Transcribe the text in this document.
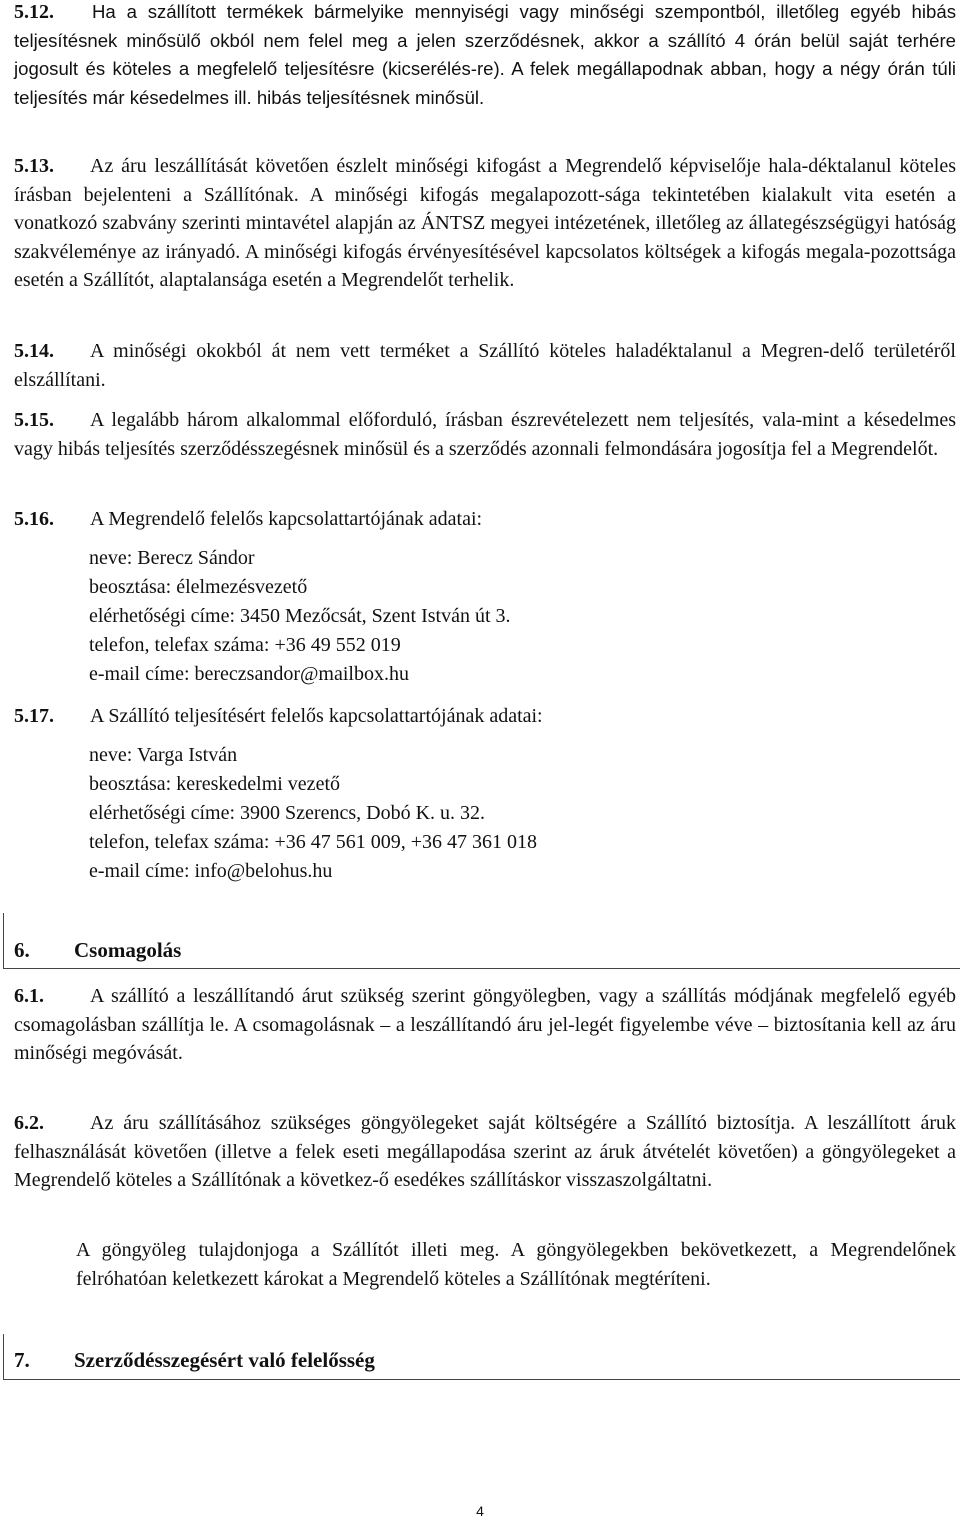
5.12. Ha a szállított termékek bármelyike mennyiségi vagy minőségi szempontból, illetőleg egyéb hibás teljesítésnek minősülő okból nem felel meg a jelen szerződésnek, akkor a szállító 4 órán belül saját terhére jogosult és köteles a megfelelő teljesítésre (kicserélés-re). A felek megállapodnak abban, hogy a négy órán túli teljesítés már késedelmes ill. hibás teljesítésnek minősül.
5.13. Az áru leszállítását követően észlelt minőségi kifogást a Megrendelő képviselője hala-déktalanul köteles írásban bejelenteni a Szállítónak. A minőségi kifogás megalapozott-sága tekintetében kialakult vita esetén a vonatkozó szabvány szerinti mintavétel alapján az ÁNTSZ megyei intézetének, illetőleg az állategészségügyi hatóság szakvéleménye az irányadó. A minőségi kifogás érvényesítésével kapcsolatos költségek a kifogás megala-pozottsága esetén a Szállítót, alaptalansága esetén a Megrendelőt terhelik.
5.14. A minőségi okokból át nem vett terméket a Szállító köteles haladéktalanul a Megren-delő területéről elszállítani.
5.15. A legalább három alkalommal előforduló, írásban észrevételezett nem teljesítés, vala-mint a késedelmes vagy hibás teljesítés szerződésszegésnek minősül és a szerződés azonnali felmondására jogosítja fel a Megrendelőt.
5.16. A Megrendelő felelős kapcsolattartójának adatai:
neve: Berecz Sándor
beosztása: élelmezésvezető
elérhetőségi címe: 3450 Mezőcsát, Szent István út 3.
telefon, telefax száma: +36 49 552 019
e-mail címe: bereczsandor@mailbox.hu
5.17. A Szállító teljesítésért felelős kapcsolattartójának adatai:
neve: Varga István
beosztása: kereskedelmi vezető
elérhetőségi címe: 3900 Szerencs, Dobó K. u. 32.
telefon, telefax száma: +36 47 561 009, +36 47 361 018
e-mail címe: info@belohus.hu
6. Csomagolás
6.1. A szállító a leszállítandó árut szükség szerint göngyölegben, vagy a szállítás módjának megfelelő egyéb csomagolásban szállítja le. A csomagolásnak – a leszállítandó áru jel-legét figyelembe véve – biztosítania kell az áru minőségi megóvását.
6.2. Az áru szállításához szükséges göngyölegeket saját költségére a Szállító biztosítja. A leszállított áruk felhasználását követően (illetve a felek eseti megállapodása szerint az áruk átvételét követően) a göngyölegeket a Megrendelő köteles a Szállítónak a következ-ő esedékes szállításkor visszaszolgáltatni.
A göngyöleg tulajdonjoga a Szállítót illeti meg. A göngyölegekben bekövetkezett, a Megrendelőnek felróhatóan keletkezett károkat a Megrendelő köteles a Szállítónak megtéríteni.
7. Szerződésszegésért való felelősség
4
